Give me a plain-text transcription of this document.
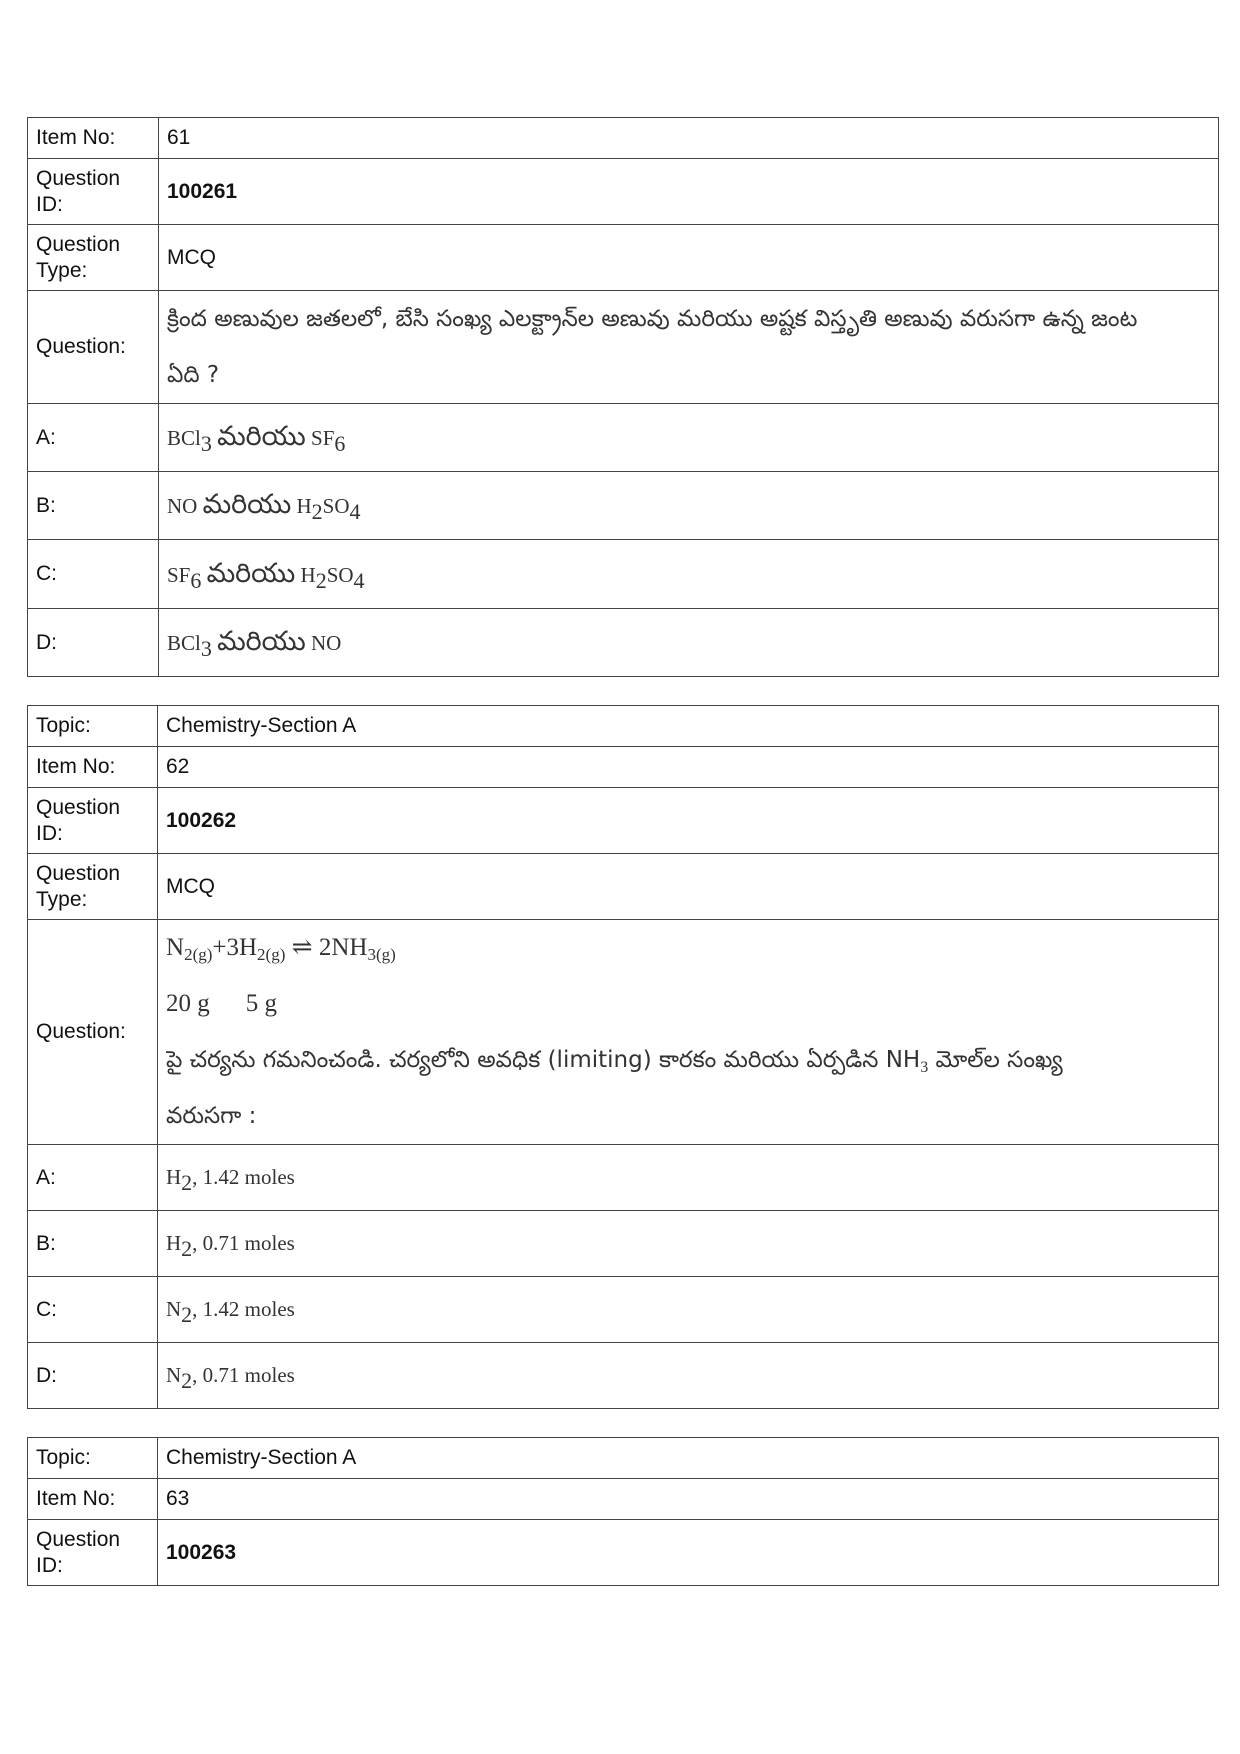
Item No:	61
Question ID:	100261
Question Type:	MCQ
Question:	క్రింద అణువుల జతలలో, బేసి సంఖ్య ఎలక్ట్రాన్‌ల అణువు మరియు అష్టక విస్తృతి అణువు వరుసగా ఉన్న జంట
ఏది ?

A:	BCl$_3$ మరియు $SF_6$
B:	NO మరియు $H_2SO_4$
C:	$SF_6$ మరియు $H_2SO_4$
D:	BCl$_3$ మరియు NO
Topic:	Chemistry-Section A
Item No:	62
Question ID:	100262
Question Type:	MCQ
Question:	$N_{2(g)}+3H_{2(g)}$ ⇌ $2NH_{3(g)}$
20 g 5 g
పై చర్యను గమనించండి. చర్యలోని అవధిక (limiting) కారకం మరియు ఏర్పడిన $NH_3$ మోల్‌ల సంఖ్య
వరుసగా :

A:	$H_2$, 1.42 moles
B:	$H_2$, 0.71 moles
C:	$N_2$, 1.42 moles
D:	$N_2$, 0.71 moles
Topic:	Chemistry-Section A
Item No:	63
Question ID:	100263
